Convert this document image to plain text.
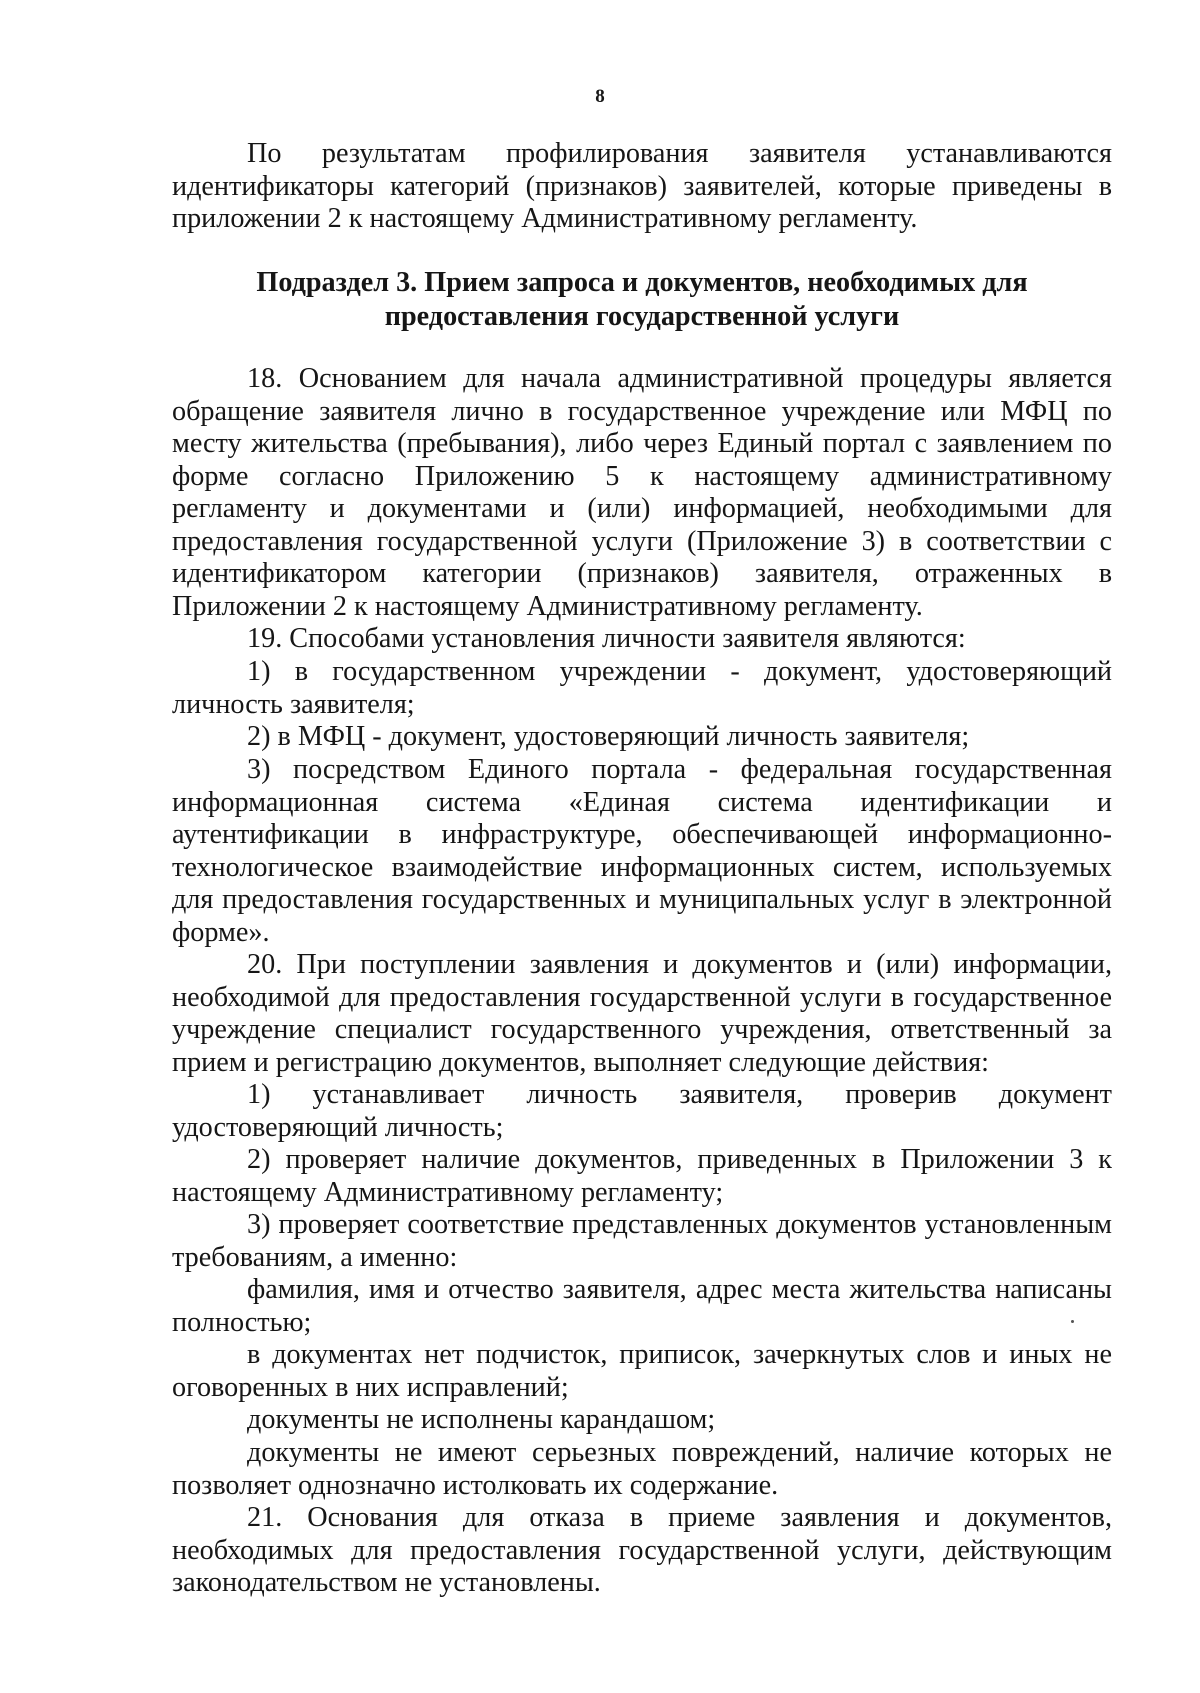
8

По результатам профилирования заявителя устанавливаются идентификаторы категорий (признаков) заявителей, которые приведены в приложении 2 к настоящему Административному регламенту.

Подраздел 3. Прием запроса и документов, необходимых для
предоставления государственной услуги

18. Основанием для начала административной процедуры является обращение заявителя лично в государственное учреждение или МФЦ по месту жительства (пребывания), либо через Единый портал с заявлением по форме согласно Приложению 5 к настоящему административному регламенту и документами и (или) информацией, необходимыми для предоставления государственной услуги (Приложение 3) в соответствии с идентификатором категории (признаков) заявителя, отраженных в Приложении 2 к настоящему Административному регламенту.

19. Способами установления личности заявителя являются:

1) в государственном учреждении - документ, удостоверяющий личность заявителя;

2) в МФЦ - документ, удостоверяющий личность заявителя;

3) посредством Единого портала - федеральная государственная информационная система «Единая система идентификации и аутентификации в инфраструктуре, обеспечивающей информационно-технологическое взаимодействие информационных систем, используемых для предоставления государственных и муниципальных услуг в электронной форме».

20. При поступлении заявления и документов и (или) информации, необходимой для предоставления государственной услуги в государственное учреждение специалист государственного учреждения, ответственный за прием и регистрацию документов, выполняет следующие действия:

1) устанавливает личность заявителя, проверив документ удостоверяющий личность;

2) проверяет наличие документов, приведенных в Приложении 3 к настоящему Административному регламенту;

3) проверяет соответствие представленных документов установленным требованиям, а именно:

фамилия, имя и отчество заявителя, адрес места жительства написаны полностью;

в документах нет подчисток, приписок, зачеркнутых слов и иных не оговоренных в них исправлений;

документы не исполнены карандашом;

документы не имеют серьезных повреждений, наличие которых не позволяет однозначно истолковать их содержание.

21. Основания для отказа в приеме заявления и документов, необходимых для предоставления государственной услуги, действующим законодательством не установлены.
